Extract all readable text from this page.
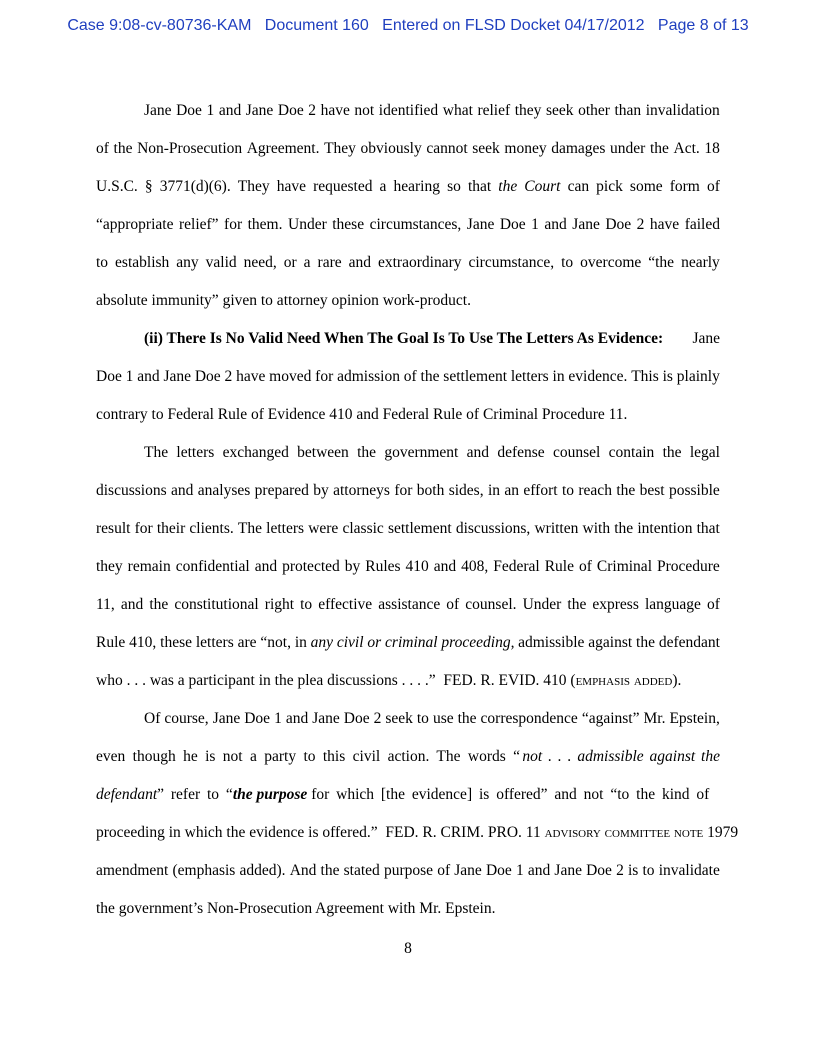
Case 9:08-cv-80736-KAM Document 160 Entered on FLSD Docket 04/17/2012 Page 8 of 13
Jane Doe 1 and Jane Doe 2 have not identified what relief they seek other than invalidation
of the Non-Prosecution Agreement. They obviously cannot seek money damages under the Act. 18
U.S.C. § 3771(d)(6). They have requested a hearing so that the Court can pick some form of
“appropriate relief” for them. Under these circumstances, Jane Doe 1 and Jane Doe 2 have failed
to establish any valid need, or a rare and extraordinary circumstance, to overcome “the nearly
absolute immunity” given to attorney opinion work-product.
(ii) There Is No Valid Need When The Goal Is To Use The Letters As Evidence: Jane
Doe 1 and Jane Doe 2 have moved for admission of the settlement letters in evidence. This is plainly
contrary to Federal Rule of Evidence 410 and Federal Rule of Criminal Procedure 11.
The letters exchanged between the government and defense counsel contain the legal
discussions and analyses prepared by attorneys for both sides, in an effort to reach the best possible
result for their clients. The letters were classic settlement discussions, written with the intention that
they remain confidential and protected by Rules 410 and 408, Federal Rule of Criminal Procedure
11, and the constitutional right to effective assistance of counsel. Under the express language of
Rule 410, these letters are “not, in any civil or criminal proceeding, admissible against the defendant
who . . . was a participant in the plea discussions . . . .”
FED. R. EVID. 410 (emphasis added).
Of course, Jane Doe 1 and Jane Doe 2 seek to use the correspondence “against” Mr. Epstein,
even though he is not a party to this civil action. The words “ not . . . admissible against the
defendant ” refer to “ the purpose
for which [the evidence] is offered” and not “to the kind of
proceeding in which the evidence is offered.”
FED. R. CRIM. PRO. 11 advisory committee note 1979
amendment (emphasis added). And the stated purpose of Jane Doe 1 and Jane Doe 2 is to invalidate
the government’s Non-Prosecution Agreement with Mr. Epstein.
8
